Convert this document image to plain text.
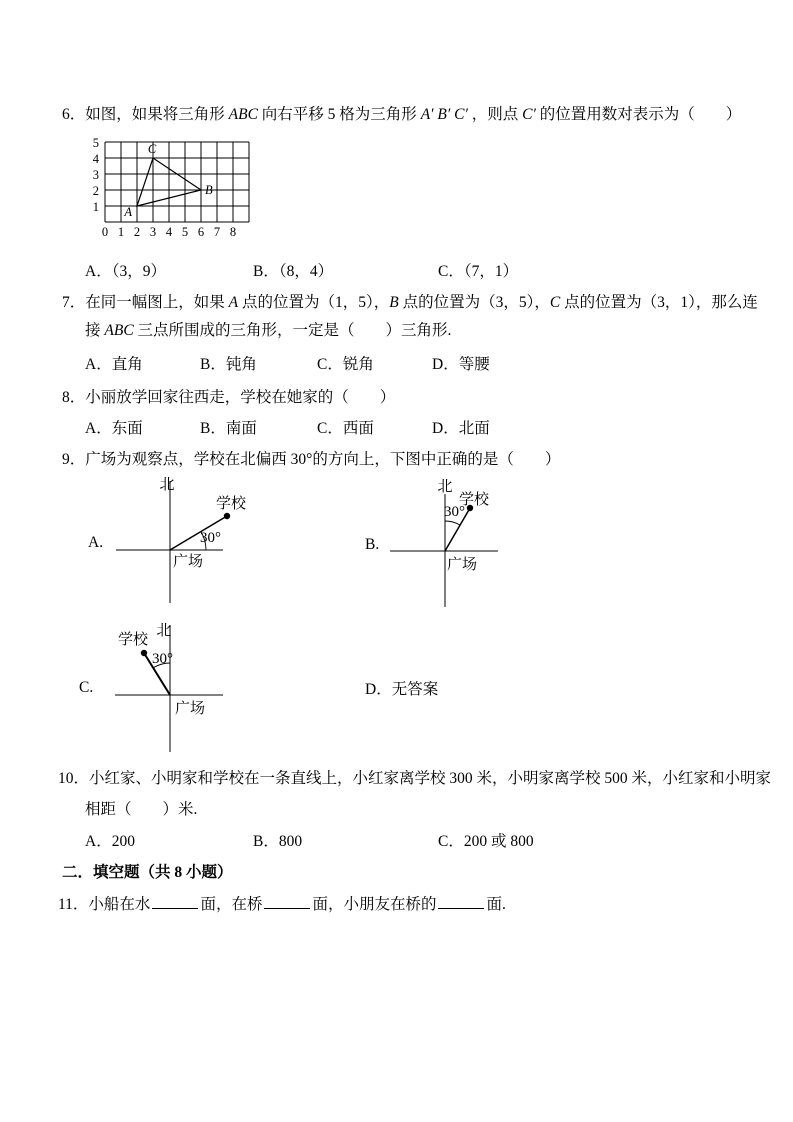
6．如图，如果将三角形 ABC 向右平移 5 格为三角形 A′ B′ C′ ，则点 C′ 的位置用数对表示为（　　）
5
4
3
2
1
0 1 2 3 4 5 6 7 8
A
B
C
A．（3，9）	B．（8，4）	C．（7，1）
7．在同一幅图上，如果 A 点的位置为（1，5），B 点的位置为（3，5），C 点的位置为（3，1），那么连
接 ABC 三点所围成的三角形，一定是（　　）三角形.
A．直角	B．钝角	C．锐角	D．等腰
8．小丽放学回家往西走，学校在她家的（　　）
A．东面	B．南面	C．西面	D．北面
9．广场为观察点，学校在北偏西 30°的方向上，下图中正确的是（　　）
A.
北
学校
30°
广场
B.
北
学校
30°
广场
C.
北
学校
30°
广场
D．无答案
10．小红家、小明家和学校在一条直线上，小红家离学校 300 米，小明家离学校 500 米，小红家和小明家
相距（　　）米.
A．200	B．800	C．200 或 800
二．填空题（共 8 小题）
11．小船在水	面，在桥	面，小朋友在桥的	面.
